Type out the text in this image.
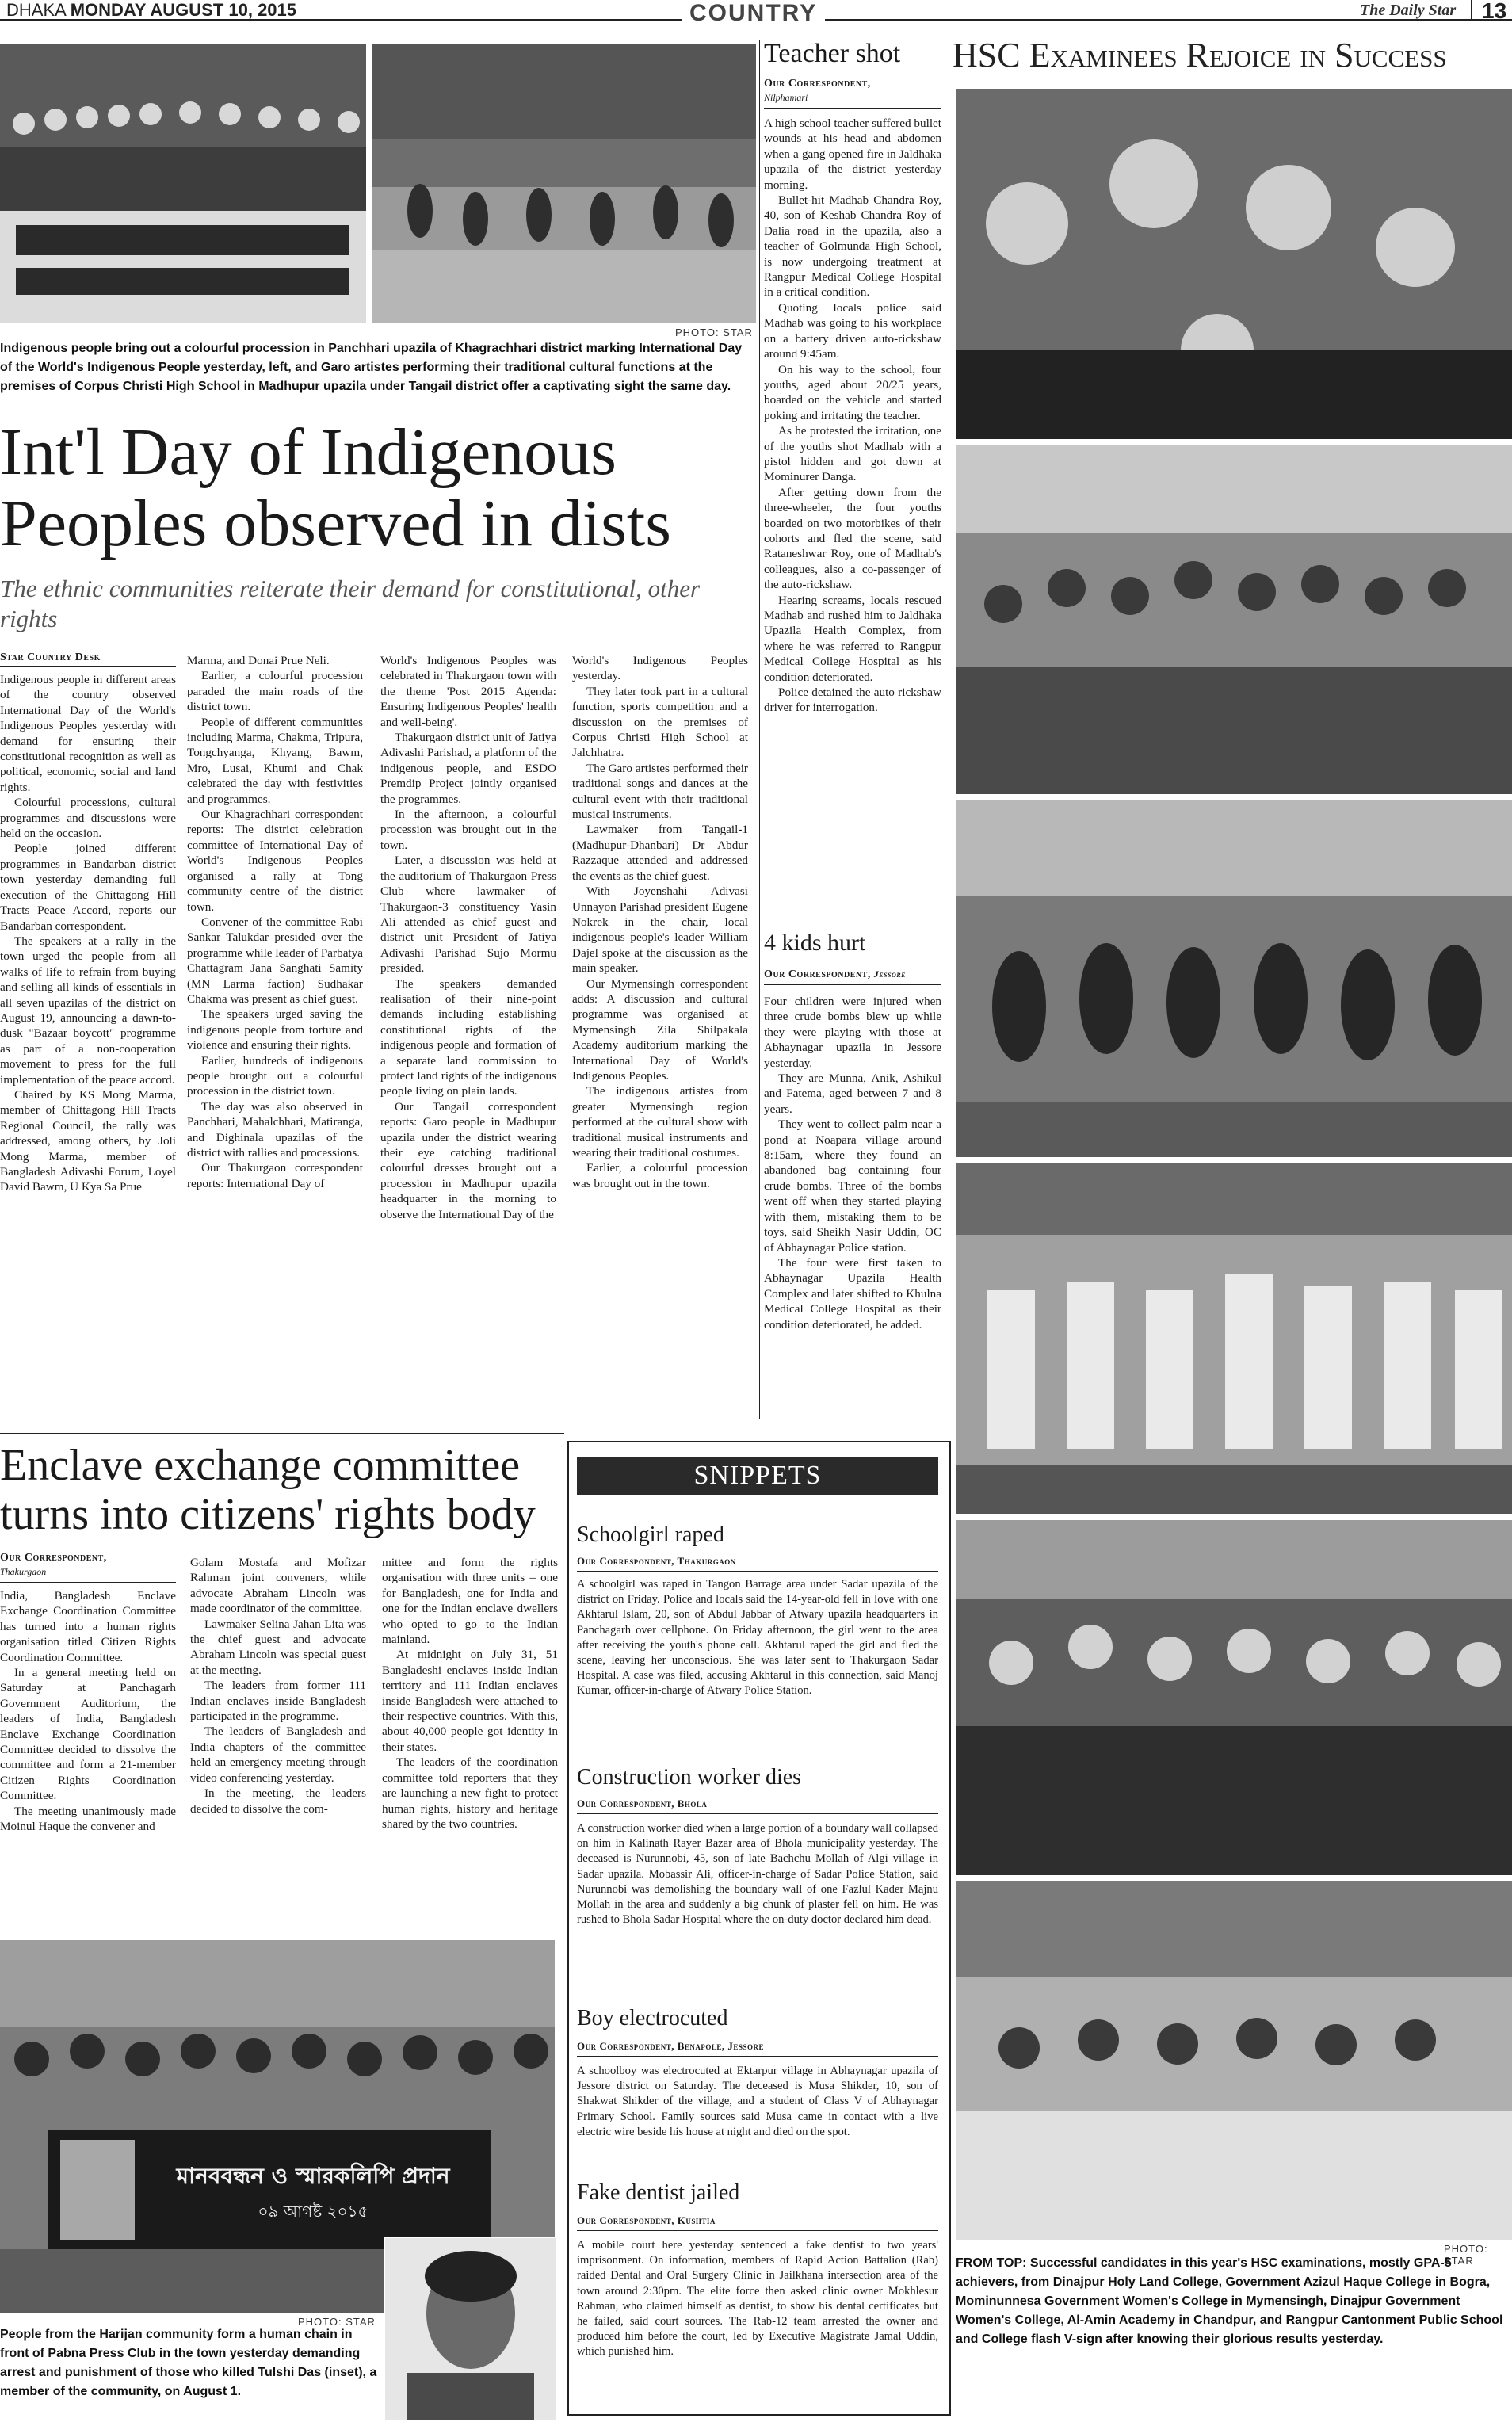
DHAKA MONDAY AUGUST 10, 2015	COUNTRY	The Daily Star 13
PHOTO: STAR
Indigenous people bring out a colourful procession in Panchhari upazila of Khagrachhari district marking International Day of the World's Indigenous People yesterday, left, and Garo artistes performing their traditional cultural functions at the premises of Corpus Christi High School in Madhupur upazila under Tangail district offer a captivating sight the same day.
Int'l Day of Indigenous Peoples observed in dists
The ethnic communities reiterate their demand for constitutional, other rights
Star Country Desk

Indigenous people in different areas of the country observed International Day of the World's Indigenous Peoples yesterday with demand for ensuring their constitutional recognition as well as political, economic, social and land rights.

Colourful processions, cultural programmes and discussions were held on the occasion.

People joined different programmes in Bandarban district town yesterday demanding full execution of the Chittagong Hill Tracts Peace Accord, reports our Bandarban correspondent.

The speakers at a rally in the town urged the people from all walks of life to refrain from buying and selling all kinds of essentials in all seven upazilas of the district on August 19, announcing a dawn-to-dusk "Bazaar boycott" programme as part of a non-cooperation movement to press for the full implementation of the peace accord.

Chaired by KS Mong Marma, member of Chittagong Hill Tracts Regional Council, the rally was addressed, among others, by Joli Mong Marma, member of Bangladesh Adivashi Forum, Loyel David Bawm, U Kya Sa Prue

Marma, and Donai Prue Neli.

Earlier, a colourful procession paraded the main roads of the district town.

People of different communities including Marma, Chakma, Tripura, Tongchyanga, Khyang, Bawm, Mro, Lusai, Khumi and Chak celebrated the day with festivities and programmes.

Our Khagrachhari correspondent reports: The district celebration committee of International Day of World's Indigenous Peoples organised a rally at Tong community centre of the district town.

Convener of the committee Rabi Sankar Talukdar presided over the programme while leader of Parbatya Chattagram Jana Sanghati Samity (MN Larma faction) Sudhakar Chakma was present as chief guest.

The speakers urged saving the indigenous people from torture and violence and ensuring their rights.

Earlier, hundreds of indigenous people brought out a colourful procession in the district town.

The day was also observed in Panchhari, Mahalchhari, Matiranga, and Dighinala upazilas of the district with rallies and processions.

Our Thakurgaon correspondent reports: International Day of

World's Indigenous Peoples was celebrated in Thakurgaon town with the theme 'Post 2015 Agenda: Ensuring Indigenous Peoples' health and well-being'.

Thakurgaon district unit of Jatiya Adivashi Parishad, a platform of the indigenous people, and ESDO Premdip Project jointly organised the programmes.

In the afternoon, a colourful procession was brought out in the town.

Later, a discussion was held at the auditorium of Thakurgaon Press Club where lawmaker of Thakurgaon-3 constituency Yasin Ali attended as chief guest and district unit President of Jatiya Adivashi Parishad Sujo Mormu presided.

The speakers demanded realisation of their nine-point demands including establishing constitutional rights of the indigenous people and formation of a separate land commission to protect land rights of the indigenous people living on plain lands.

Our Tangail correspondent reports: Garo people in Madhupur upazila under the district wearing their eye catching traditional colourful dresses brought out a procession in Madhupur upazila headquarter in the morning to observe the International Day of the

World's Indigenous Peoples yesterday.

They later took part in a cultural function, sports competition and a discussion on the premises of Corpus Christi High School at Jalchhatra.

The Garo artistes performed their traditional songs and dances at the cultural event with their traditional musical instruments.

Lawmaker from Tangail-1 (Madhupur-Dhanbari) Dr Abdur Razzaque attended and addressed the events as the chief guest.

With Joyenshahi Adivasi Unnayon Parishad president Eugene Nokrek in the chair, local indigenous people's leader William Dajel spoke at the discussion as the main speaker.

Our Mymensingh correspondent adds: A discussion and cultural programme was organised at Mymensingh Zila Shilpakala Academy auditorium marking the International Day of World's Indigenous Peoples.

The indigenous artistes from greater Mymensingh region performed at the cultural show with traditional musical instruments and wearing their traditional costumes.

Earlier, a colourful procession was brought out in the town.

Teacher shot
Our Correspondent,
Nilphamari

A high school teacher suffered bullet wounds at his head and abdomen when a gang opened fire in Jaldhaka upazila of the district yesterday morning.

Bullet-hit Madhab Chandra Roy, 40, son of Keshab Chandra Roy of Dalia road in the upazila, also a teacher of Golmunda High School, is now undergoing treatment at Rangpur Medical College Hospital in a critical condition.

Quoting locals police said Madhab was going to his workplace on a battery driven auto-rickshaw around 9:45am.

On his way to the school, four youths, aged about 20/25 years, boarded on the vehicle and started poking and irritating the teacher.

As he protested the irritation, one of the youths shot Madhab with a pistol hidden and got down at Mominurer Danga.

After getting down from the three-wheeler, the four youths boarded on two motorbikes of their cohorts and fled the scene, said Rataneshwar Roy, one of Madhab's colleagues, also a co-passenger of the auto-rickshaw.

Hearing screams, locals rescued Madhab and rushed him to Jaldhaka Upazila Health Complex, from where he was referred to Rangpur Medical College Hospital as his condition deteriorated.

Police detained the auto rickshaw driver for interrogation.

4 kids hurt
Our Correspondent, Jessore

Four children were injured when three crude bombs blew up while they were playing with those at Abhaynagar upazila in Jessore yesterday.

They are Munna, Anik, Ashikul and Fatema, aged between 7 and 8 years.

They went to collect palm near a pond at Noapara village around 8:15am, where they found an abandoned bag containing four crude bombs. Three of the bombs went off when they started playing with them, mistaking them to be toys, said Sheikh Nasir Uddin, OC of Abhaynagar Police station.

The four were first taken to Abhaynagar Upazila Health Complex and later shifted to Khulna Medical College Hospital as their condition deteriorated, he added.

HSC Examinees Rejoice in Success
PHOTO: STAR
FROM TOP: Successful candidates in this year's HSC examinations, mostly GPA-5 achievers, from Dinajpur Holy Land College, Government Azizul Haque College in Bogra, Mominunnesa Government Women's College in Mymensingh, Dinajpur Government Women's College, Al-Amin Academy in Chandpur, and Rangpur Cantonment Public School and College flash V-sign after knowing their glorious results yesterday.
Enclave exchange committee turns into citizens' rights body
Our Correspondent,
Thakurgaon

India, Bangladesh Enclave Exchange Coordination Committee has turned into a human rights organisation titled Citizen Rights Coordination Committee.

In a general meeting held on Saturday at Panchagarh Government Auditorium, the leaders of India, Bangladesh Enclave Exchange Coordination Committee decided to dissolve the committee and form a 21-member Citizen Rights Coordination Committee.

The meeting unanimously made Moinul Haque the convener and

Golam Mostafa and Mofizar Rahman joint conveners, while advocate Abraham Lincoln was made coordinator of the committee.

Lawmaker Selina Jahan Lita was the chief guest and advocate Abraham Lincoln was special guest at the meeting.

The leaders from former 111 Indian enclaves inside Bangladesh participated in the programme.

The leaders of Bangladesh and India chapters of the committee held an emergency meeting through video conferencing yesterday.

In the meeting, the leaders decided to dissolve the com-

mittee and form the rights organisation with three units – one for Bangladesh, one for India and one for the Indian enclave dwellers who opted to go to the Indian mainland.

At midnight on July 31, 51 Bangladeshi enclaves inside Indian territory and 111 Indian enclaves inside Bangladesh were attached to their respective countries. With this, about 40,000 people got identity in their states.

The leaders of the coordination committee told reporters that they are launching a new fight to protect human rights, history and heritage shared by the two countries.

মানববন্ধন ও স্মারকলিপি প্রদান
০৯ আগষ্ট ২০১৫
PHOTO: STAR
People from the Harijan community form a human chain in front of Pabna Press Club in the town yesterday demanding arrest and punishment of those who killed Tulshi Das (inset), a member of the community, on August 1.
SNIPPETS
Schoolgirl raped
Our Correspondent, Thakurgaon
A schoolgirl was raped in Tangon Barrage area under Sadar upazila of the district on Friday. Police and locals said the 14-year-old fell in love with one Akhtarul Islam, 20, son of Abdul Jabbar of Atwary upazila headquarters in Panchagarh over cellphone. On Friday afternoon, the girl went to the area after receiving the youth's phone call. Akhtarul raped the girl and fled the scene, leaving her unconscious. She was later sent to Thakurgaon Sadar Hospital. A case was filed, accusing Akhtarul in this connection, said Manoj Kumar, officer-in-charge of Atwary Police Station.
Construction worker dies
Our Correspondent, Bhola
A construction worker died when a large portion of a boundary wall collapsed on him in Kalinath Rayer Bazar area of Bhola municipality yesterday. The deceased is Nurunnobi, 45, son of late Bachchu Mollah of Algi village in Sadar upazila. Mobassir Ali, officer-in-charge of Sadar Police Station, said Nurunnobi was demolishing the boundary wall of one Fazlul Kader Majnu Mollah in the area and suddenly a big chunk of plaster fell on him. He was rushed to Bhola Sadar Hospital where the on-duty doctor declared him dead.
Boy electrocuted
Our Correspondent, Benapole, Jessore
A schoolboy was electrocuted at Ektarpur village in Abhaynagar upazila of Jessore district on Saturday. The deceased is Musa Shikder, 10, son of Shakwat Shikder of the village, and a student of Class V of Abhaynagar Primary School. Family sources said Musa came in contact with a live electric wire beside his house at night and died on the spot.
Fake dentist jailed
Our Correspondent, Kushtia
A mobile court here yesterday sentenced a fake dentist to two years' imprisonment. On information, members of Rapid Action Battalion (Rab) raided Dental and Oral Surgery Clinic in Jailkhana intersection area of the town around 2:30pm. The elite force then asked clinic owner Mokhlesur Rahman, who claimed himself as dentist, to show his dental certificates but he failed, said court sources. The Rab-12 team arrested the owner and produced him before the court, led by Executive Magistrate Jamal Uddin, which punished him.
